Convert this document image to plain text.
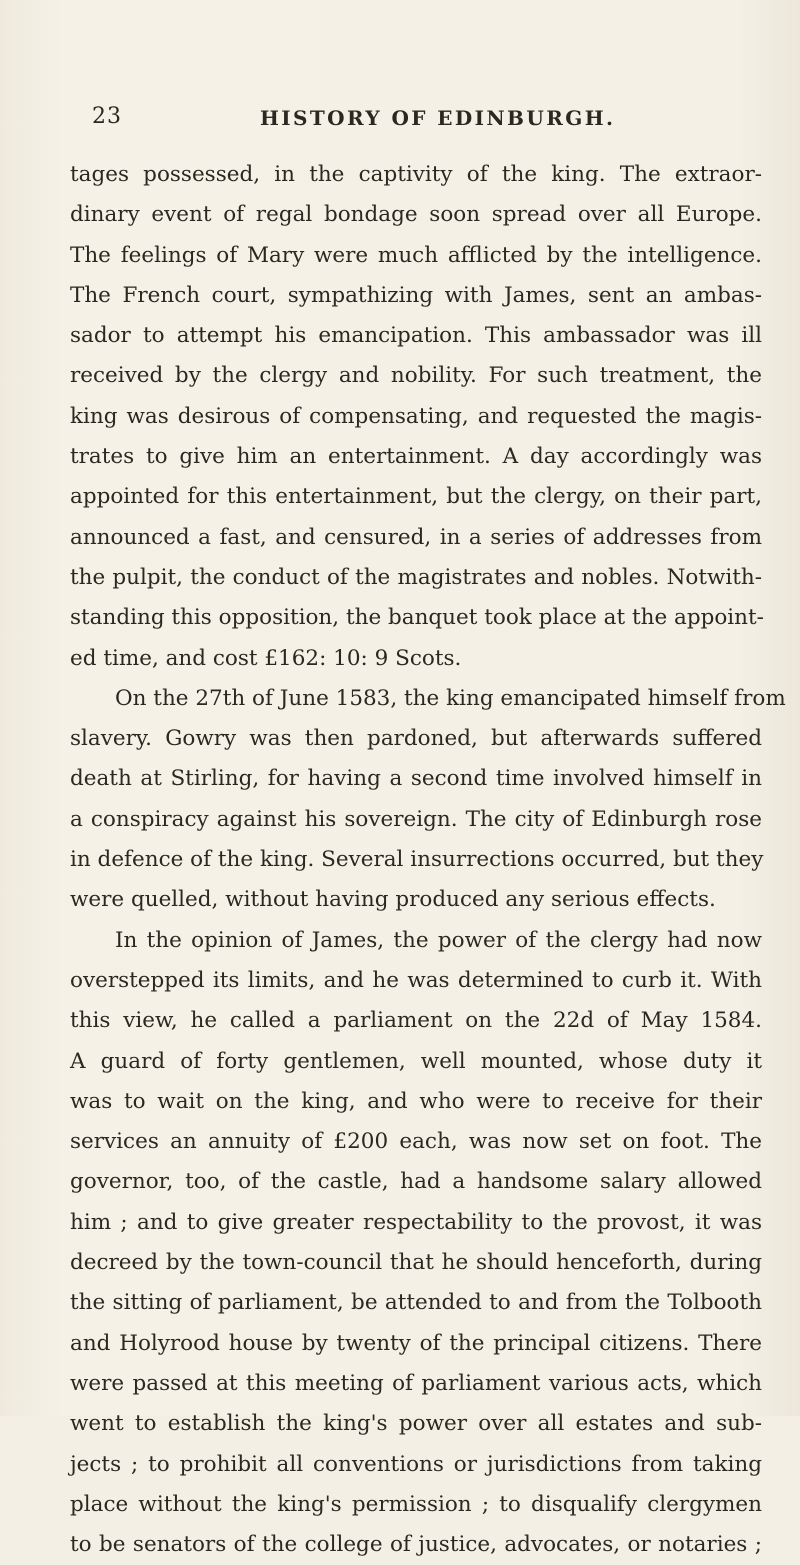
23	HISTORY OF EDINBURGH.
tages possessed, in the captivity of the king. The extraor-
dinary event of regal bondage soon spread over all Europe.
The feelings of Mary were much afflicted by the intelligence.
The French court, sympathizing with James, sent an ambas-
sador to attempt his emancipation. This ambassador was ill
received by the clergy and nobility. For such treatment, the
king was desirous of compensating, and requested the magis-
trates to give him an entertainment. A day accordingly was
appointed for this entertainment, but the clergy, on their part,
announced a fast, and censured, in a series of addresses from
the pulpit, the conduct of the magistrates and nobles. Notwith-
standing this opposition, the banquet took place at the appoint-
ed time, and cost £162: 10: 9 Scots.
On the 27th of June 1583, the king emancipated himself from
slavery. Gowry was then pardoned, but afterwards suffered
death at Stirling, for having a second time involved himself in
a conspiracy against his sovereign. The city of Edinburgh rose
in defence of the king. Several insurrections occurred, but they
were quelled, without having produced any serious effects.
In the opinion of James, the power of the clergy had now
overstepped its limits, and he was determined to curb it. With
this view, he called a parliament on the 22d of May 1584.
A guard of forty gentlemen, well mounted, whose duty it
was to wait on the king, and who were to receive for their
services an annuity of £200 each, was now set on foot. The
governor, too, of the castle, had a handsome salary allowed
him ; and to give greater respectability to the provost, it was
decreed by the town-council that he should henceforth, during
the sitting of parliament, be attended to and from the Tolbooth
and Holyrood house by twenty of the principal citizens. There
were passed at this meeting of parliament various acts, which
went to establish the king's power over all estates and sub-
jects ; to prohibit all conventions or jurisdictions from taking
place without the king's permission ; to disqualify clergymen
to be senators of the college of justice, advocates, or notaries ;
